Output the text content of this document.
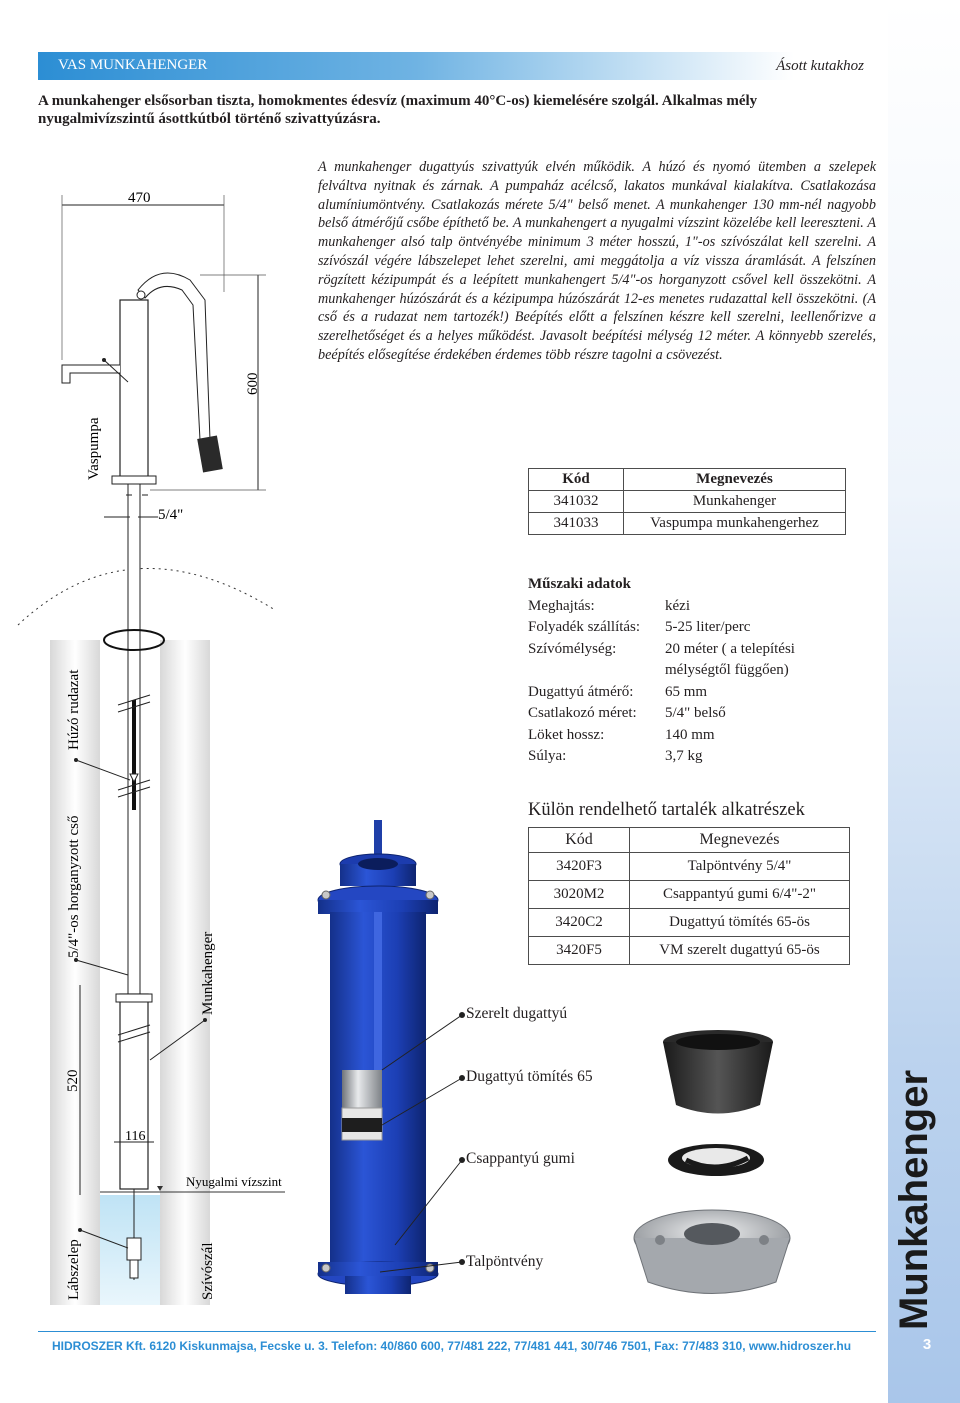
Munkahenger
3
VAS MUNKAHENGER	Ásott kutakhoz
A munkahenger elsősorban tiszta, homokmentes édesvíz (maximum 40°C-os) kiemelésére szolgál. Alkalmas mély nyugalmivízszintű ásottkútból történő szivattyúzásra.
A munkahenger dugattyús szivattyúk elvén működik. A húzó és nyomó ütemben a szelepek felváltva nyitnak és zárnak. A pumpaház acélcső, lakatos munkával kialakítva. Csatlakozása alumíniumöntvény. Csatlakozás mérete 5/4" belső menet. A munkahenger 130 mm-nél nagyobb belső átmérőjű csőbe építhető be. A munkahengert a nyugalmi vízszint közelébe kell leereszteni. A munkahenger alsó talp öntvényébe minimum 3 méter hosszú, 1"-os szívószálat kell szerelni. A szívószál végére lábszelepet lehet szerelni, ami meggátolja a víz vissza áramlását. A felszínen rögzített kézipumpát és a leépített munkahengert 5/4"-os horganyzott csővel kell összekötni. A munkahenger húzószárát és a kézipumpa húzószárát 12-es menetes rudazattal kell összekötni. (A cső és a rudazat nem tartozék!) Beépítés előtt a felszínen készre kell szerelni, leellenőrizve a szerelhetőséget és a helyes működést. Javasolt beépítési mélység 12 méter. A könnyebb szerelés, beépítés elősegítése érdekében érdemes több részre tagolni a csövezést.
Kód	Megnevezés
341032	Munkahenger
341033	Vaspumpa munkahengerhez
Műszaki adatok
Meghajtás:	kézi
Folyadék szállítás:	5-25 liter/perc
Szívómélység:	20 méter ( a telepítési mélységtől függően)
Dugattyú átmérő:	65 mm
Csatlakozó méret:	5/4" belső
Löket hossz:	140 mm
Súlya:	3,7 kg
Külön rendelhető tartalék alkatrészek
Kód	Megnevezés
3420F3	Talpöntvény 5/4"
3020M2	Csappantyú gumi 6/4"-2"
3420C2	Dugattyú tömítés 65-ös
3420F5	VM szerelt dugattyú 65-ös
470
600
5/4"
520
116
Vaspumpa
Húzó rudazat
5/4"-os horganyzott cső
Munkahenger
Lábszelep	Szívószál
Nyugalmi vízszint
Szerelt dugattyú
Dugattyú tömítés 65
Csappantyú gumi
Talpöntvény
HIDROSZER Kft. 6120 Kiskunmajsa, Fecske u. 3. Telefon: 40/860 600, 77/481 222, 77/481 441, 30/746 7501, Fax: 77/483 310, www.hidroszer.hu
